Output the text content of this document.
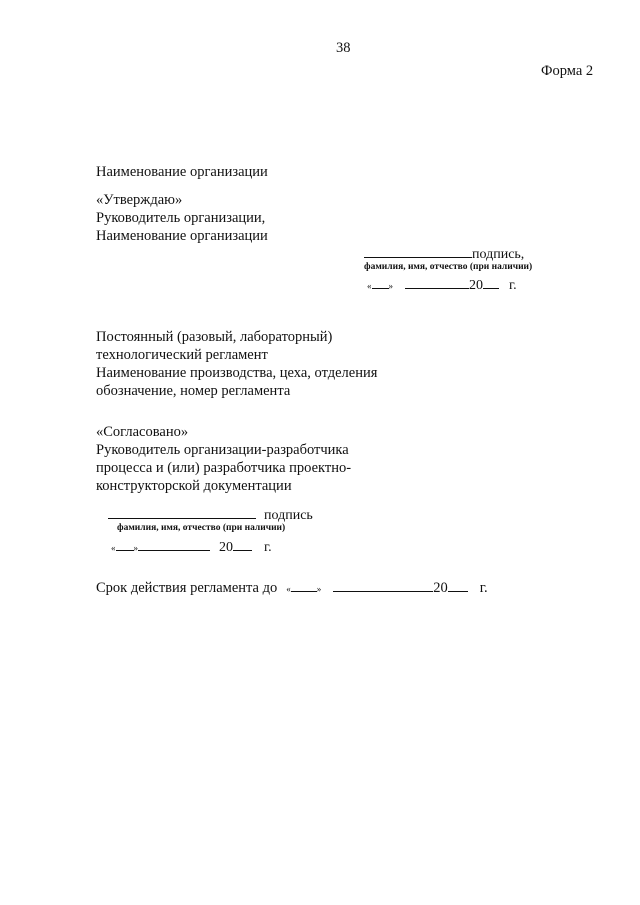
38
Форма 2
Наименование организации
«Утверждаю»
Руководитель организации,
Наименование организации
подпись,
фамилия, имя, отчество (при наличии)
« »	20 г.
Постоянный (разовый, лабораторный)
технологический регламент
Наименование производства, цеха, отделения
обозначение, номер регламента
«Согласовано»
Руководитель организации-разработчика
процесса и (или) разработчика проектно-
конструкторской документации
подпись
фамилия, имя, отчество (при наличии)
« »	20 г.
Срок действия регламента до «	»	20 г.
